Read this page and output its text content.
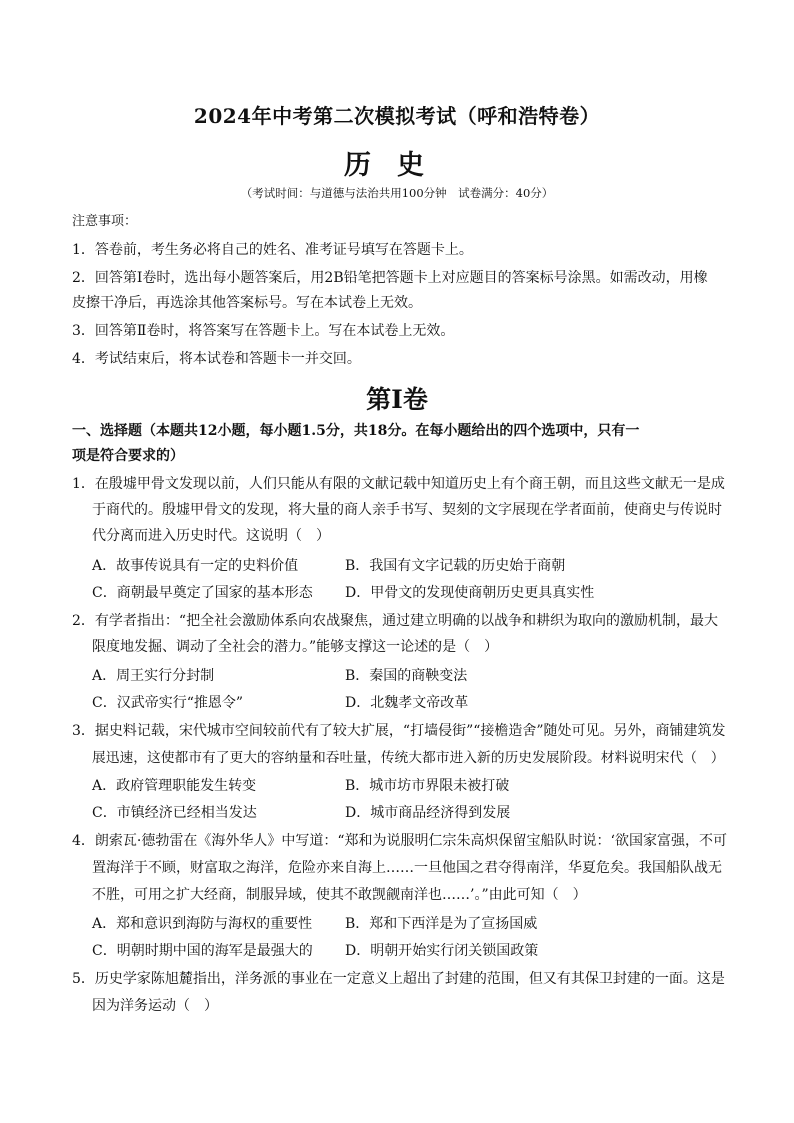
2024年中考第二次模拟考试（呼和浩特卷）
历史
（考试时间：与道德与法治共用100分钟　试卷满分：40分）
注意事项：
1．答卷前，考生务必将自己的姓名、准考证号填写在答题卡上。
2．回答第Ⅰ卷时，选出每小题答案后，用2B铅笔把答题卡上对应题目的答案标号涂黑。如需改动，用橡
皮擦干净后，再选涂其他答案标号。写在本试卷上无效。
3．回答第Ⅱ卷时，将答案写在答题卡上。写在本试卷上无效。
4．考试结束后，将本试卷和答题卡一并交回。
第Ⅰ卷
一、选择题（本题共12小题，每小题1.5分，共18分。在每小题给出的四个选项中，只有一
项是符合要求的）
1．在殷墟甲骨文发现以前，人们只能从有限的文献记载中知道历史上有个商王朝，而且这些文献无一是成
于商代的。殷墟甲骨文的发现，将大量的商人亲手书写、契刻的文字展现在学者面前，使商史与传说时
代分离而进入历史时代。这说明（　）
A．故事传说具有一定的史料价值	B．我国有文字记载的历史始于商朝
C．商朝最早奠定了国家的基本形态 D．甲骨文的发现使商朝历史更具真实性
2．有学者指出：“把全社会激励体系向农战聚焦，通过建立明确的以战争和耕织为取向的激励机制，最大
限度地发掘、调动了全社会的潜力。”能够支撑这一论述的是（　）
A．周王实行分封制	B．秦国的商鞅变法
C．汉武帝实行“推恩令”	D．北魏孝文帝改革
3．据史料记载，宋代城市空间较前代有了较大扩展，“打墙侵街”“接檐造舍”随处可见。另外，商铺建筑发
展迅速，这使都市有了更大的容纳量和吞吐量，传统大都市进入新的历史发展阶段。材料说明宋代（　）
A．政府管理职能发生转变	B．城市坊市界限未被打破
C．市镇经济已经相当发达	D．城市商品经济得到发展
4．朗索瓦·德勃雷在《海外华人》中写道：“郑和为说服明仁宗朱高炽保留宝船队时说：‘欲国家富强，不可
置海洋于不顾，财富取之海洋，危险亦来自海上……一旦他国之君夺得南洋，华夏危矣。我国船队战无
不胜，可用之扩大经商，制服异域，使其不敢觊觎南洋也……’。”由此可知（　）
A．郑和意识到海防与海权的重要性 B．郑和下西洋是为了宣扬国威
C．明朝时期中国的海军是最强大的 D．明朝开始实行闭关锁国政策
5．历史学家陈旭麓指出，洋务派的事业在一定意义上超出了封建的范围，但又有其保卫封建的一面。这是
因为洋务运动（　）
